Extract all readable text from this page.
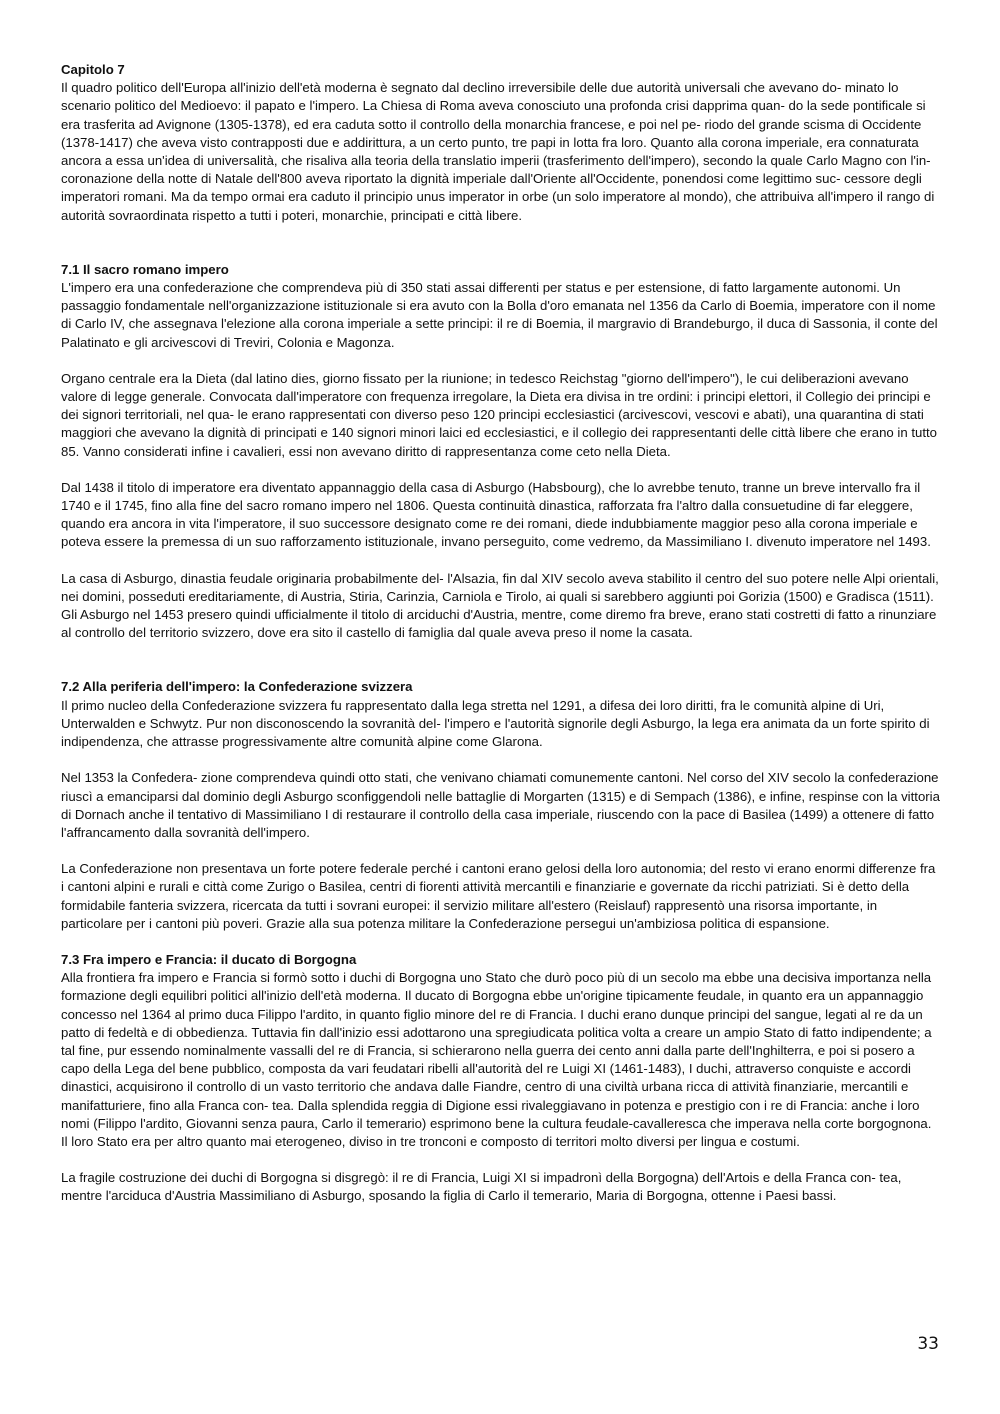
Capitolo 7

Il quadro politico dell'Europa all'inizio dell'età moderna è segnato dal declino irreversibile delle due autorità universali che avevano do- minato lo scenario politico del Medioevo: il papato e l'impero. La Chiesa di Roma aveva conosciuto una profonda crisi dapprima quan- do la sede pontificale si era trasferita ad Avignone (1305-1378), ed era caduta sotto il controllo della monarchia francese, e poi nel pe- riodo del grande scisma di Occidente (1378-1417) che aveva visto contrapposti due e addirittura, a un certo punto, tre papi in lotta fra loro. Quanto alla corona imperiale, era connaturata ancora a essa un'idea di universalità, che risaliva alla teoria della translatio imperii (trasferimento dell'impero), secondo la quale Carlo Magno con l'in- coronazione della notte di Natale dell'800 aveva riportato la dignità imperiale dall'Oriente all'Occidente, ponendosi come legittimo suc- cessore degli imperatori romani. Ma da tempo ormai era caduto il principio unus imperator in orbe (un solo imperatore al mondo), che attribuiva all'impero il rango di autorità sovraordinata rispetto a tutti i poteri, monarchie, principati e città libere.

7.1 Il sacro romano impero

L'impero era una confederazione che comprendeva più di 350 stati assai differenti per status e per estensione, di fatto largamente autonomi. Un passaggio fondamentale nell'organizzazione istituzionale si era avuto con la Bolla d'oro emanata nel 1356 da Carlo di Boemia, imperatore con il nome di Carlo IV, che assegnava l'elezione alla corona imperiale a sette principi: il re di Boemia, il margravio di Brandeburgo, il duca di Sassonia, il conte del Palatinato e gli arcivescovi di Treviri, Colonia e Magonza.

Organo centrale era la Dieta (dal latino dies, giorno fissato per la riunione; in tedesco Reichstag "giorno dell'impero"), le cui deliberazioni avevano valore di legge generale. Convocata dall'imperatore con frequenza irregolare, la Dieta era divisa in tre ordini: i principi elettori, il Collegio dei principi e dei signori territoriali, nel qua- le erano rappresentati con diverso peso 120 principi ecclesiastici (arcivescovi, vescovi e abati), una quarantina di stati maggiori che avevano la dignità di principati e 140 signori minori laici ed ecclesiastici, e il collegio dei rappresentanti delle città libere che erano in tutto 85. Vanno considerati infine i cavalieri, essi non avevano diritto di rappresentanza come ceto nella Dieta.

Dal 1438 il titolo di imperatore era diventato appannaggio della casa di Asburgo (Habsbourg), che lo avrebbe tenuto, tranne un breve intervallo fra il 1740 e il 1745, fino alla fine del sacro romano impero nel 1806. Questa continuità dinastica, rafforzata fra l'altro dalla consuetudine di far eleggere, quando era ancora in vita l'imperatore, il suo successore designato come re dei romani, diede indubbiamente maggior peso alla corona imperiale e poteva essere la premessa di un suo rafforzamento istituzionale, invano perseguito, come vedremo, da Massimiliano I. divenuto imperatore nel 1493.

La casa di Asburgo, dinastia feudale originaria probabilmente del- l'Alsazia, fin dal XIV secolo aveva stabilito il centro del suo potere nelle Alpi orientali, nei domini, posseduti ereditariamente, di Austria, Stiria, Carinzia, Carniola e Tirolo, ai quali si sarebbero aggiunti poi Gorizia (1500) e Gradisca (1511). Gli Asburgo nel 1453 presero quindi ufficialmente il titolo di arciduchi d'Austria, mentre, come diremo fra breve, erano stati costretti di fatto a rinunziare al controllo del territorio svizzero, dove era sito il castello di famiglia dal quale aveva preso il nome la casata.

7.2 Alla periferia dell'impero: la Confederazione svizzera

Il primo nucleo della Confederazione svizzera fu rappresentato dalla lega stretta nel 1291, a difesa dei loro diritti, fra le comunità alpine di Uri, Unterwalden e Schwytz. Pur non disconoscendo la sovranità del- l'impero e l'autorità signorile degli Asburgo, la lega era animata da un forte spirito di indipendenza, che attrasse progressivamente altre comunità alpine come Glarona.

Nel 1353 la Confedera- zione comprendeva quindi otto stati, che venivano chiamati comunemente cantoni. Nel corso del XIV secolo la confederazione riuscì a emanciparsi dal dominio degli Asburgo sconfiggendoli nelle battaglie di Morgarten (1315) e di Sempach (1386), e infine, respinse con la vittoria di Dornach anche il tentativo di Massimiliano I di restaurare il controllo della casa imperiale, riuscendo con la pace di Basilea (1499) a ottenere di fatto l'affrancamento dalla sovranità dell'impero.

La Confederazione non presentava un forte potere federale perché i cantoni erano gelosi della loro autonomia; del resto vi erano enormi differenze fra i cantoni alpini e rurali e città come Zurigo o Basilea, centri di fiorenti attività mercantili e finanziarie e governate da ricchi patriziati. Si è detto della formidabile fanteria svizzera, ricercata da tutti i sovrani europei: il servizio militare all'estero (Reislauf) rappresentò una risorsa importante, in particolare per i cantoni più poveri. Grazie alla sua potenza militare la Confederazione persegui un'ambiziosa politica di espansione.

7.3 Fra impero e Francia: il ducato di Borgogna

Alla frontiera fra impero e Francia si formò sotto i duchi di Borgogna uno Stato che durò poco più di un secolo ma ebbe una decisiva importanza nella formazione degli equilibri politici all'inizio dell'età moderna. Il ducato di Borgogna ebbe un'origine tipicamente feudale, in quanto era un appannaggio concesso nel 1364 al primo duca Filippo l'ardito, in quanto figlio minore del re di Francia. I duchi erano dunque principi del sangue, legati al re da un patto di fedeltà e di obbedienza. Tuttavia fin dall'inizio essi adottarono una spregiudicata politica volta a creare un ampio Stato di fatto indipendente; a tal fine, pur essendo nominalmente vassalli del re di Francia, si schierarono nella guerra dei cento anni dalla parte dell'Inghilterra, e poi si posero a capo della Lega del bene pubblico, composta da vari feudatari ribelli all'autorità del re Luigi XI (1461-1483), I duchi, attraverso conquiste e accordi dinastici, acquisirono il controllo di un vasto territorio che andava dalle Fiandre, centro di una civiltà urbana ricca di attività finanziarie, mercantili e manifatturiere, fino alla Franca con- tea. Dalla splendida reggia di Digione essi rivaleggiavano in potenza e prestigio con i re di Francia: anche i loro nomi (Filippo l'ardito, Giovanni senza paura, Carlo il temerario) esprimono bene la cultura feudale-cavalleresca che imperava nella corte borgognona. Il loro Stato era per altro quanto mai eterogeneo, diviso in tre tronconi e composto di territori molto diversi per lingua e costumi.

La fragile costruzione dei duchi di Borgogna si disgregò: il re di Francia, Luigi XI si impadronì della Borgogna) dell'Artois e della Franca con- tea, mentre l'arciduca d'Austria Massimiliano di Asburgo, sposando la figlia di Carlo il temerario, Maria di Borgogna, ottenne i Paesi bassi.

33
